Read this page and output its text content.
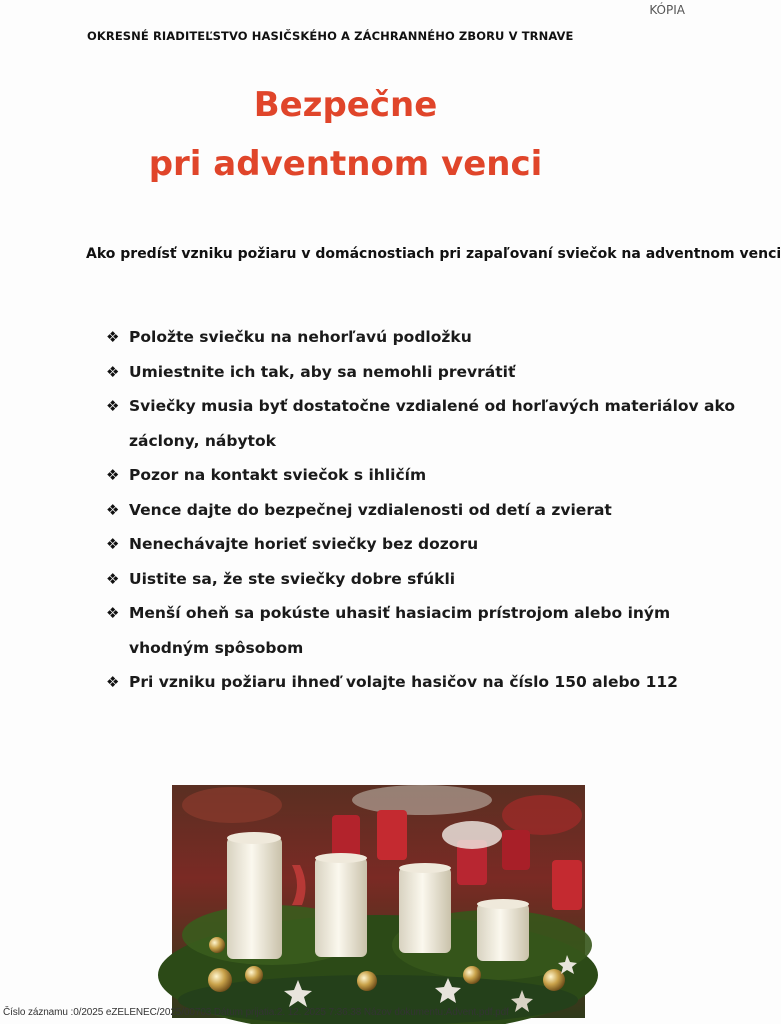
KÓPIA
OKRESNÉ RIADITEĽSTVO HASIČSKÉHO A ZÁCHRANNÉHO ZBORU V TRNAVE
Bezpečne
pri adventnom venci
Ako predísť vzniku požiaru v domácnostiach pri zapaľovaní sviečok na adventnom venci
❖ Položte sviečku na nehorľavú podložku
❖ Umiestnite ich tak, aby sa nemohli prevrátiť
❖ Sviečky musia byť dostatočne vzdialené od horľavých materiálov ako
záclony, nábytok
❖ Pozor na kontakt sviečok s ihličím
❖ Vence dajte do bezpečnej vzdialenosti od detí a zvierat
❖ Nenechávajte horieť sviečky bez dozoru
❖ Uistite sa, že ste sviečky dobre sfúkli
❖ Menší oheň sa pokúste uhasiť hasiacim prístrojom alebo iným
vhodným spôsobom
❖ Pri vzniku požiaru ihneď volajte hasičov na číslo 150 alebo 112
Číslo záznamu :0/2025 eZELENEC/2025/00703 Dátum prijatia:2. 12. 2025 7:36:38 Názov dokumentu:Advent.pdf.pdf
